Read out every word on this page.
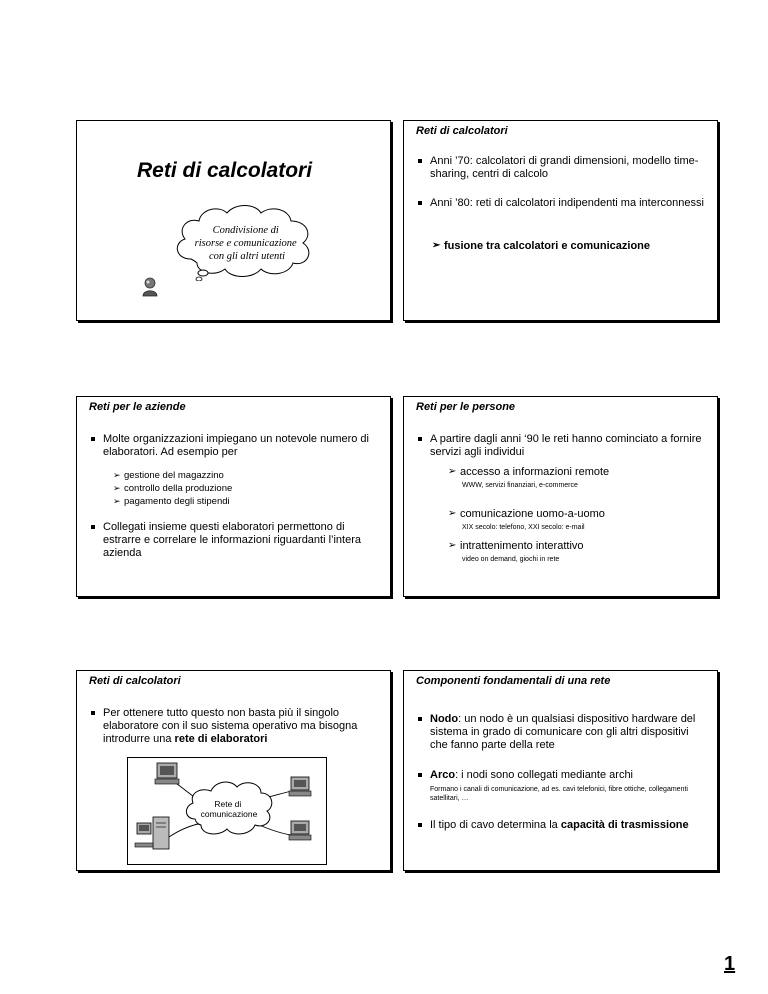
Reti di calcolatori
Condivisione di risorse e comunicazione con gli altri utenti
Reti di calcolatori
Anni ’70: calcolatori di grandi dimensioni, modello time-sharing, centri di calcolo
Anni ’80: reti di calcolatori indipendenti ma interconnessi
➢ fusione tra calcolatori e comunicazione
Reti per le aziende
Molte organizzazioni impiegano un notevole numero di elaboratori. Ad esempio per
➢ gestione del magazzino
➢ controllo della produzione
➢ pagamento degli stipendi
Collegati insieme questi elaboratori permettono di estrarre e correlare le informazioni riguardanti l’intera azienda
Reti per le persone
A partire dagli anni ‘90 le reti hanno cominciato a fornire servizi agli individui
➢ accesso a informazioni remote
WWW, servizi finanziari, e-commerce
➢ comunicazione uomo-a-uomo
XIX secolo: telefono, XXI secolo: e-mail
➢ intrattenimento interattivo
video on demand, giochi in rete
Reti di calcolatori
Per ottenere tutto questo non basta più il singolo elaboratore con il suo sistema operativo ma bisogna introdurre una rete di elaboratori
Rete di comunicazione
Componenti fondamentali di una rete
Nodo: un nodo è un qualsiasi dispositivo hardware del sistema in grado di comunicare con gli altri dispositivi che fanno parte della rete
Arco: i nodi sono collegati mediante archi
Formano i canali di comunicazione, ad es. cavi telefonici, fibre ottiche, collegamenti satellitari, …
Il tipo di cavo determina la capacità di trasmissione
1
